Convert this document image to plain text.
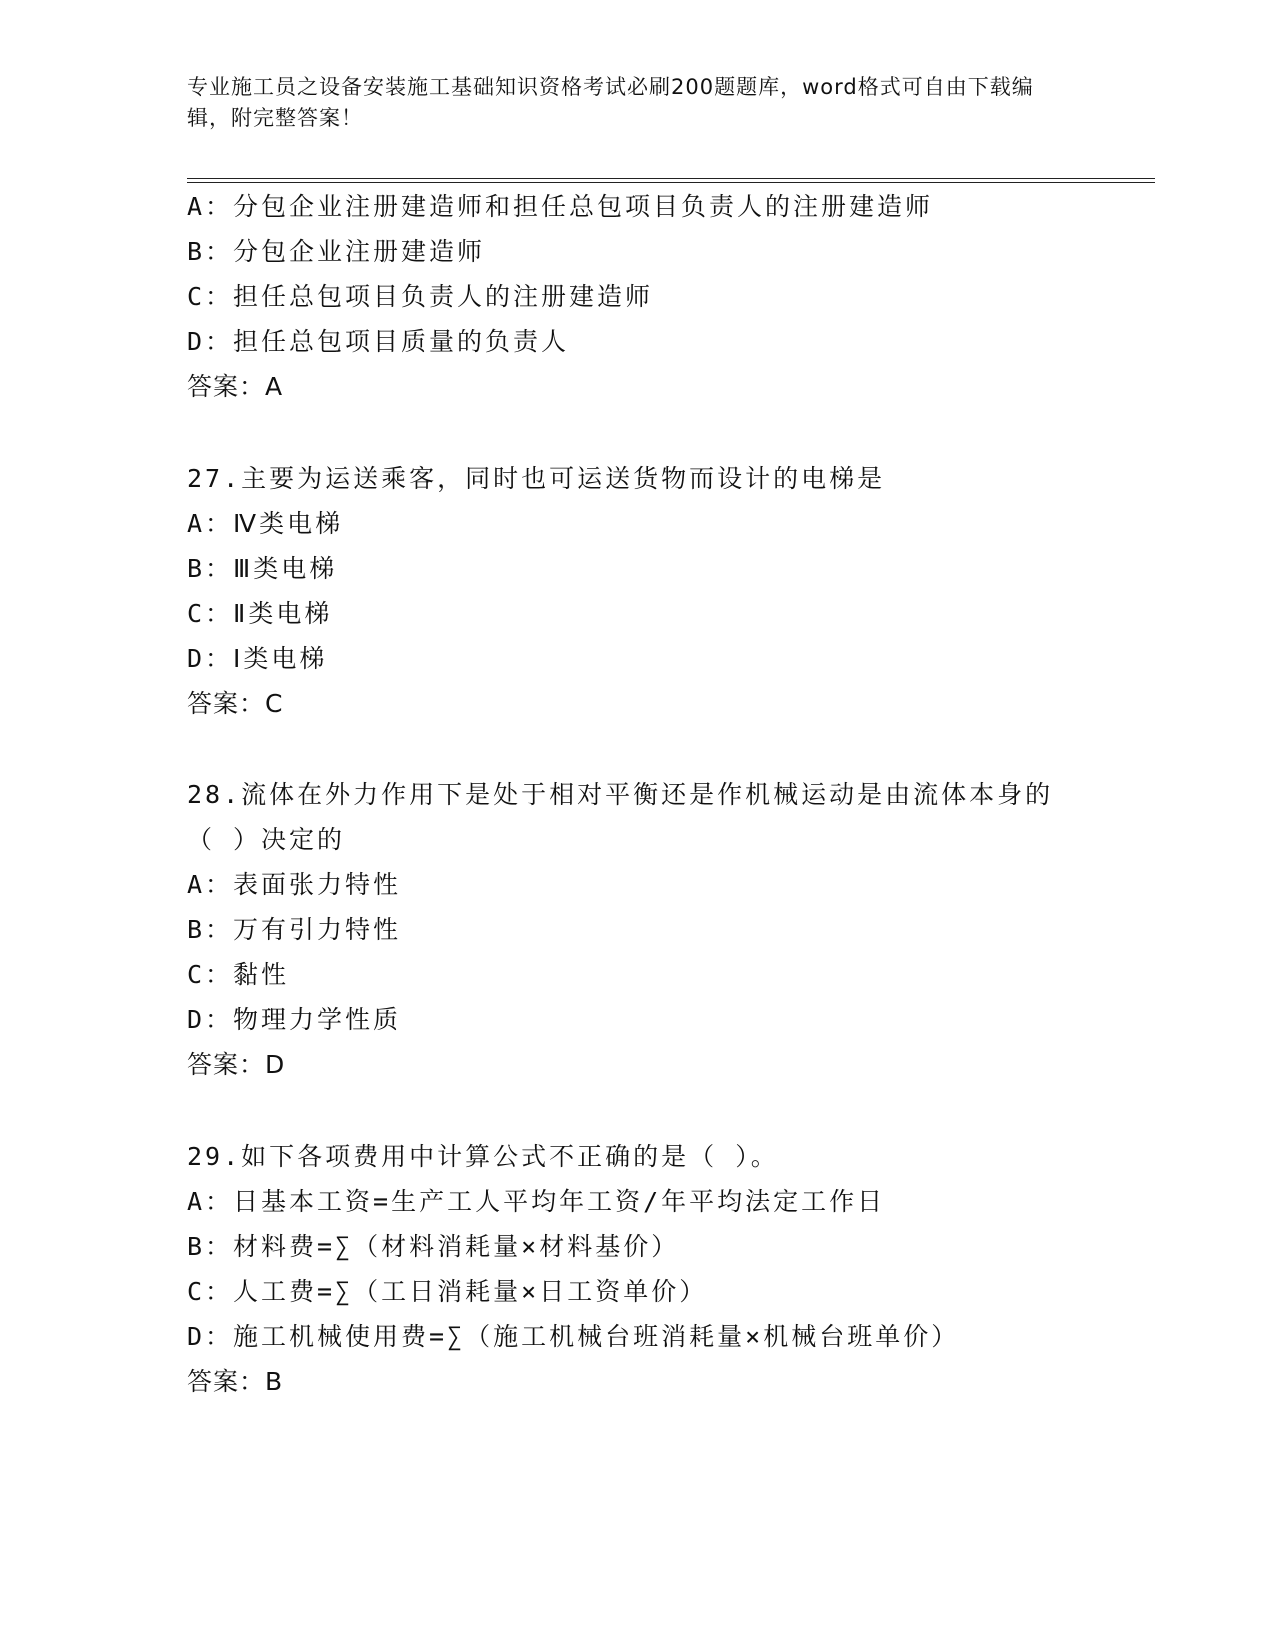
专业施工员之设备安装施工基础知识资格考试必刷200题题库，word格式可自由下载编辑，附完整答案！
A：分包企业注册建造师和担任总包项目负责人的注册建造师
B：分包企业注册建造师
C：担任总包项目负责人的注册建造师
D：担任总包项目质量的负责人
答案：A
27.主要为运送乘客，同时也可运送货物而设计的电梯是
A：Ⅳ类电梯
B：Ⅲ类电梯
C：Ⅱ类电梯
D：Ⅰ类电梯
答案：C
28.流体在外力作用下是处于相对平衡还是作机械运动是由流体本身的
（ ）决定的
A：表面张力特性
B：万有引力特性
C：黏性
D：物理力学性质
答案：D
29.如下各项费用中计算公式不正确的是（ ）。
A：日基本工资=生产工人平均年工资/年平均法定工作日
B：材料费=∑（材料消耗量×材料基价）
C：人工费=∑（工日消耗量×日工资单价）
D：施工机械使用费=∑（施工机械台班消耗量×机械台班单价）
答案：B
